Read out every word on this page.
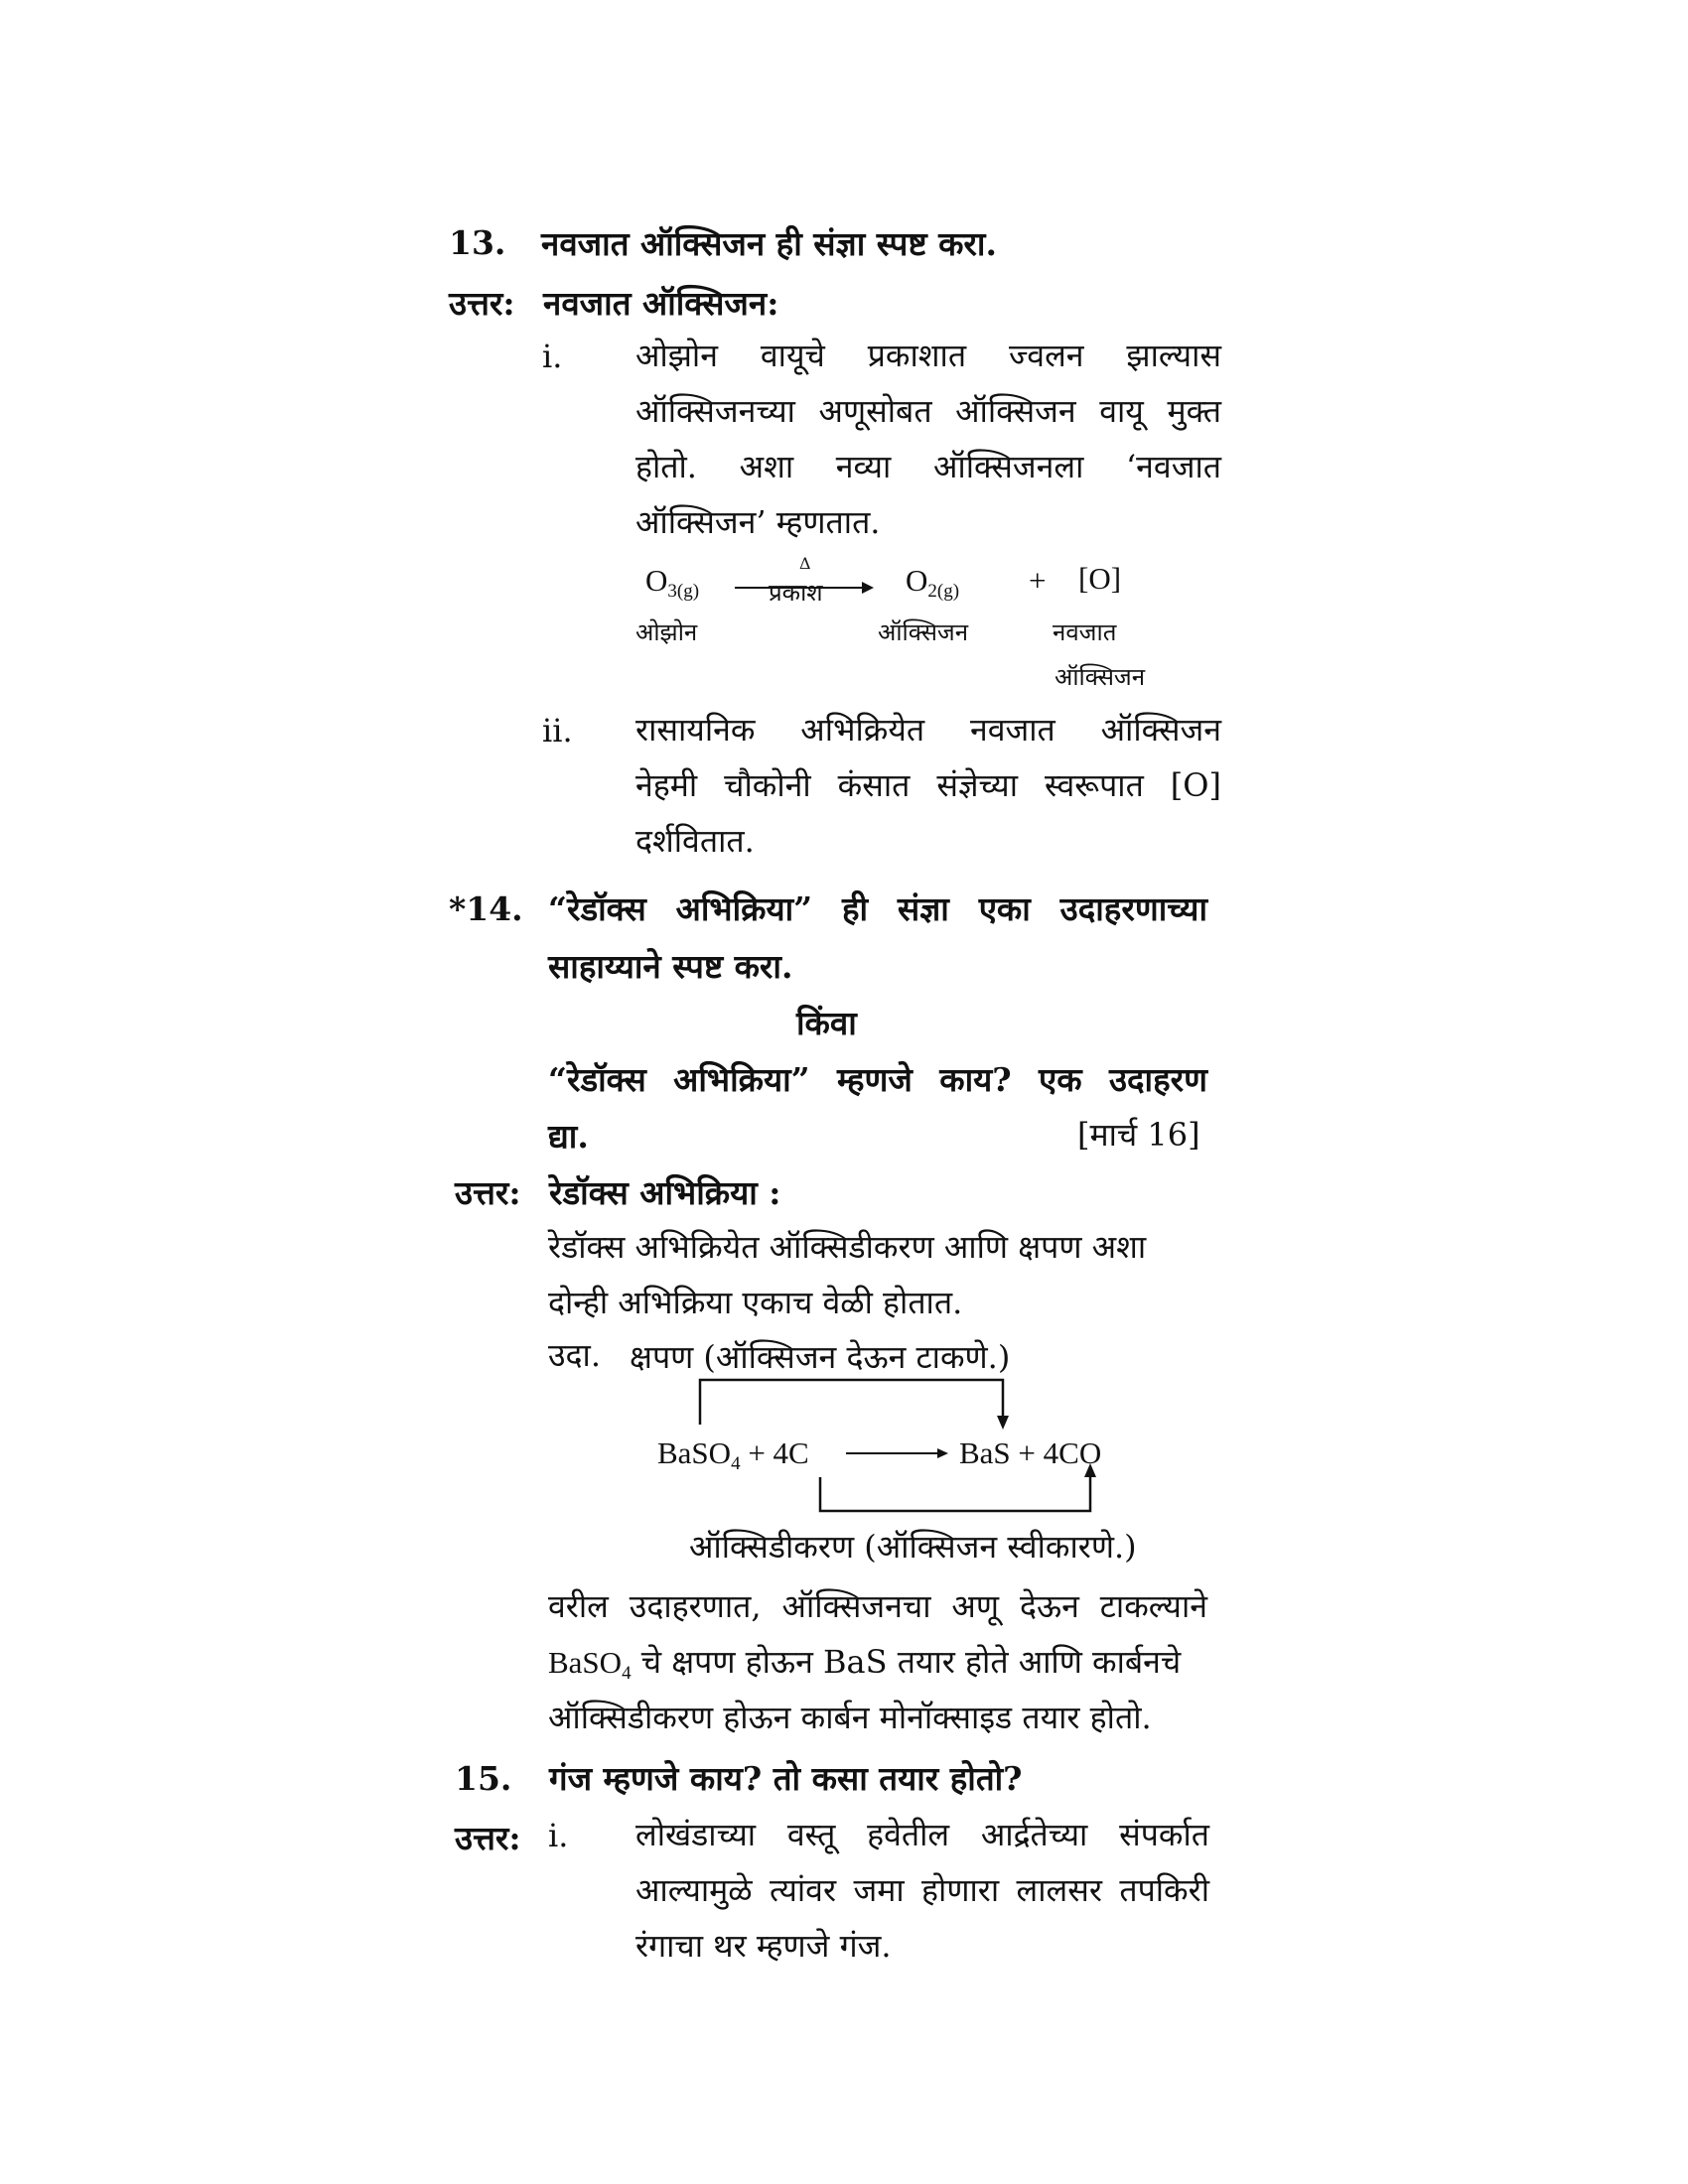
13. नवजात ऑक्सिजन ही संज्ञा स्पष्ट करा.
उत्तर: नवजात ऑक्सिजन:
i. ओझोन वायूचे प्रकाशात ज्वलन झाल्यास
ऑक्सिजनच्या अणूसोबत ऑक्सिजन वायू मुक्त
होतो. अशा नव्या ऑक्सिजनला ‘नवजात
ऑक्सिजन’ म्हणतात.
$O_{3(g)}$
Δ
प्रकाश	$O_{2(g)} + [O]$
ओझोन	ऑक्सिजन	नवजात
ऑक्सिजन
ii. रासायनिक अभिक्रियेत नवजात ऑक्सिजन
नेहमी चौकोनी कंसात संज्ञेच्या स्वरूपात [O]
दर्शवितात.
*14. “रेडॉक्स अभिक्रिया” ही संज्ञा एका उदाहरणाच्या
साहाय्याने स्पष्ट करा.
किंवा
“रेडॉक्स अभिक्रिया” म्हणजे काय? एक उदाहरण
द्या.	[मार्च 16]
उत्तर: रेडॉक्स अभिक्रिया :
रेडॉक्स अभिक्रियेत ऑक्सिडीकरण आणि क्षपण अशा
दोन्ही अभिक्रिया एकाच वेळी होतात.
उदा. क्षपण (ऑक्सिजन देऊन टाकणे.)
BaSO$_4$ + 4C	BaS + 4CO
ऑक्सिडीकरण (ऑक्सिजन स्वीकारणे.)
वरील उदाहरणात, ऑक्सिजनचा अणू देऊन टाकल्याने
BaSO$_4$ चे क्षपण होऊन BaS तयार होते आणि कार्बनचे
ऑक्सिडीकरण होऊन कार्बन मोनॉक्साइड तयार होतो.
15. गंज म्हणजे काय? तो कसा तयार होतो?
उत्तर: i. लोखंडाच्या वस्तू हवेतील आर्द्रतेच्या संपर्कात
आल्यामुळे त्यांवर जमा होणारा लालसर तपकिरी
रंगाचा थर म्हणजे गंज.
